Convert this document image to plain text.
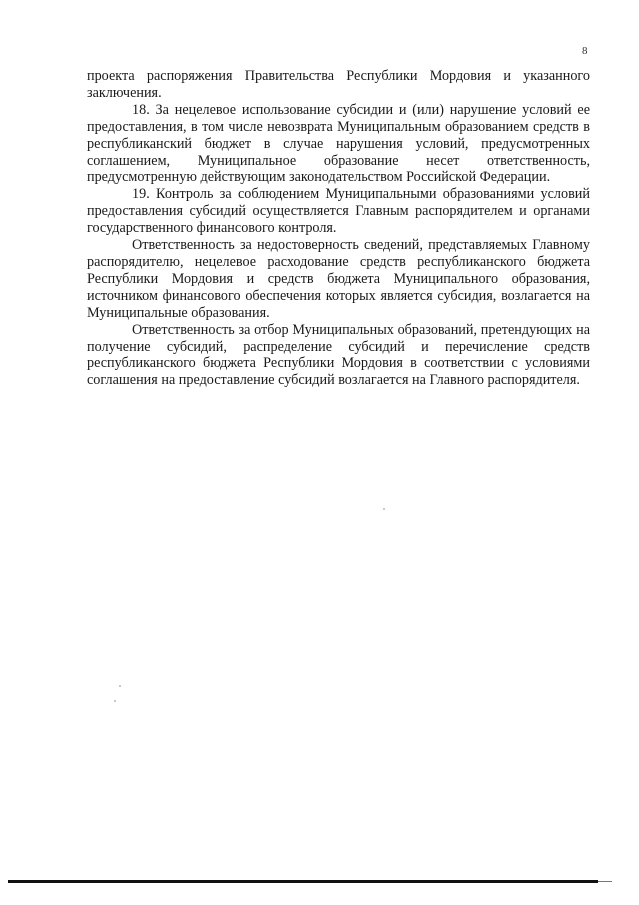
8

проекта распоряжения Правительства Республики Мордовия и указанного заключения.

18. За нецелевое использование субсидии и (или) нарушение условий ее предоставления, в том числе невозврата Муниципальным образованием средств в республиканский бюджет в случае нарушения условий, предусмотренных соглашением, Муниципальное образование несет ответственность, предусмотренную действующим законодательством Российской Федерации.

19. Контроль за соблюдением Муниципальными образованиями условий предоставления субсидий осуществляется Главным распорядителем и органами государственного финансового контроля.

Ответственность за недостоверность сведений, представляемых Главному распорядителю, нецелевое расходование средств республиканского бюджета Республики Мордовия и средств бюджета Муниципального образования, источником финансового обеспечения которых является субсидия, возлагается на Муниципальные образования.

Ответственность за отбор Муниципальных образований, претендующих на получение субсидий, распределение субсидий и перечисление средств республиканского бюджета Республики Мордовия в соответствии с условиями соглашения на предоставление субсидий возлагается на Главного распорядителя.
